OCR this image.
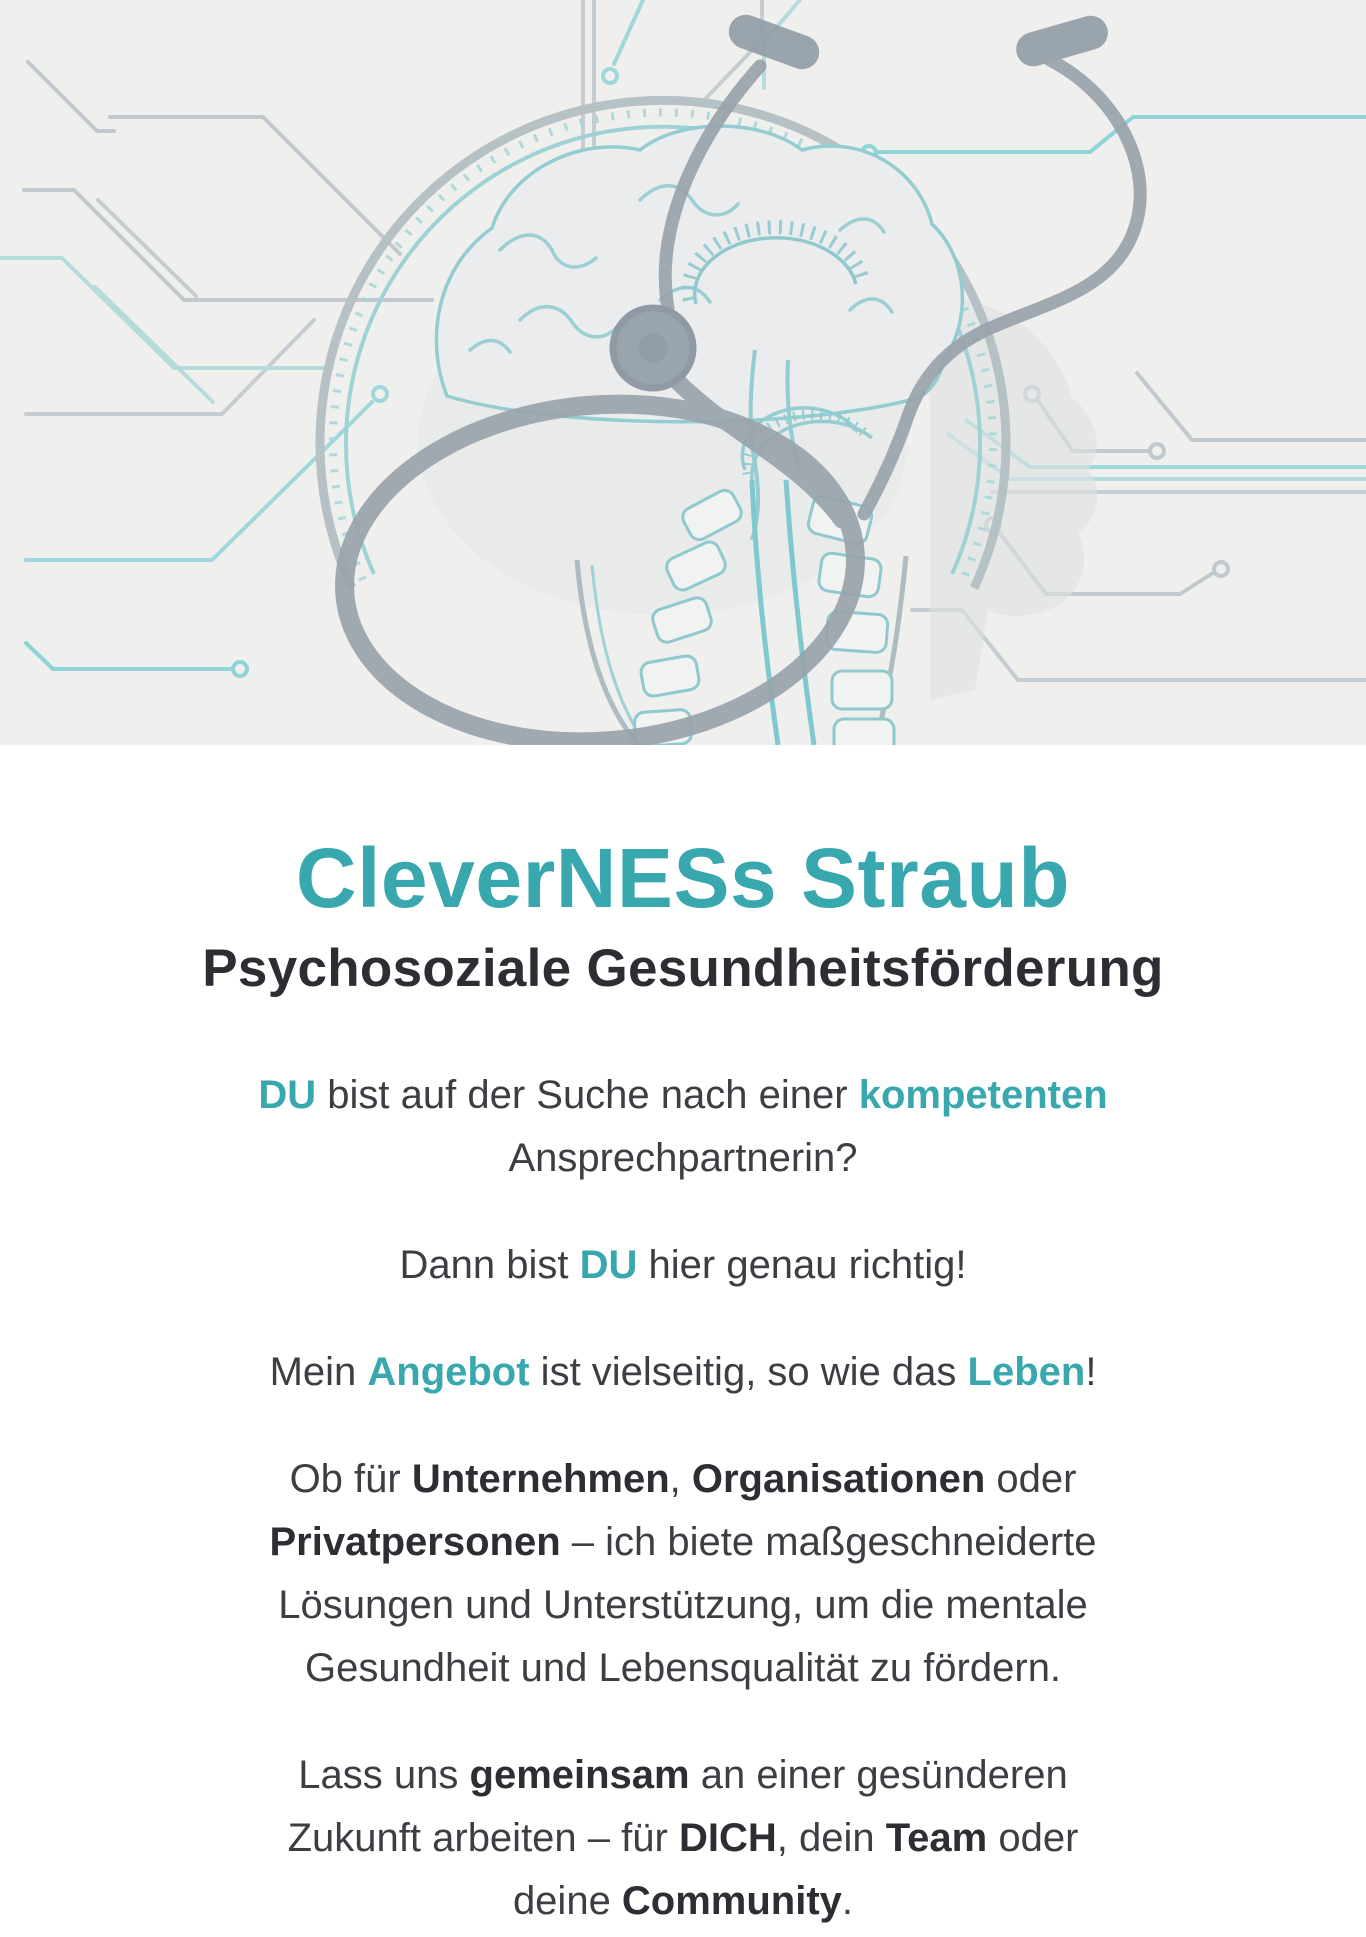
CleverNESs Straub
Psychosoziale Gesundheitsförderung

DU bist auf der Suche nach einer kompetenten
Ansprechpartnerin?

Dann bist DU hier genau richtig!

Mein Angebot ist vielseitig, so wie das Leben!

Ob für Unternehmen, Organisationen oder
Privatpersonen – ich biete maßgeschneiderte
Lösungen und Unterstützung, um die mentale
Gesundheit und Lebensqualität zu fördern.

Lass uns gemeinsam an einer gesünderen
Zukunft arbeiten – für DICH, dein Team oder
deine Community.
